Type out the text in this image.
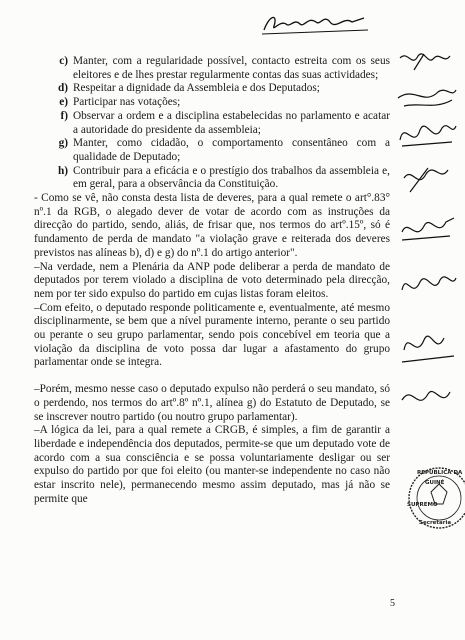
c) Manter, com a regularidade possível, contacto estreita com os seus eleitores e de lhes prestar regularmente contas das suas actividades;
d) Respeitar a dignidade da Assembleia e dos Deputados;
e) Participar nas votações;
f) Observar a ordem e a disciplina estabelecidas no parlamento e acatar a autoridade do presidente da assembleia;
g) Manter, como cidadão, o comportamento consentâneo com a qualidade de Deputado;
h) Contribuir para a eficácia e o prestígio dos trabalhos da assembleia e, em geral, para a observância da Constituição.

- Como se vê, não consta desta lista de deveres, para a qual remete o art°.83° nº.1 da RGB, o alegado dever de votar de acordo com as instruções da direcção do partido, sendo, aliás, de frisar que, nos termos do artº.15º, só é fundamento de perda de mandato "a violação grave e reiterada dos deveres previstos nas alíneas b), d) e g) do nº.1 do artigo anterior".

–Na verdade, nem a Plenária da ANP pode deliberar a perda de mandato de deputados por terem violado a disciplina de voto determinado pela direcção, nem por ter sido expulso do partido em cujas listas foram eleitos.

–Com efeito, o deputado responde politicamente e, eventualmente, até mesmo disciplinarmente, se bem que a nível puramente interno, perante o seu partido ou perante o seu grupo parlamentar, sendo pois concebível em teoria que a violação da disciplina de voto possa dar lugar a afastamento do grupo parlamentar onde se integra.

–Porém, mesmo nesse caso o deputado expulso não perderá o seu mandato, só o perdendo, nos termos do artº.8º nº.1, alínea g) do Estatuto de Deputado, se se inscrever noutro partido (ou noutro grupo parlamentar).

–A lógica da lei, para a qual remete a CRGB, é simples, a fim de garantir a liberdade e independência dos deputados, permite-se que um deputado vote de acordo com a sua consciência e se possa voluntariamente desligar ou ser expulso do partido por que foi eleito (ou manter-se independente no caso não estar inscrito nele), permanecendo mesmo assim deputado, mas já não se permite que

REPÚBLICA DA
GUINÉ
SUPREMO
Secretaria
5
